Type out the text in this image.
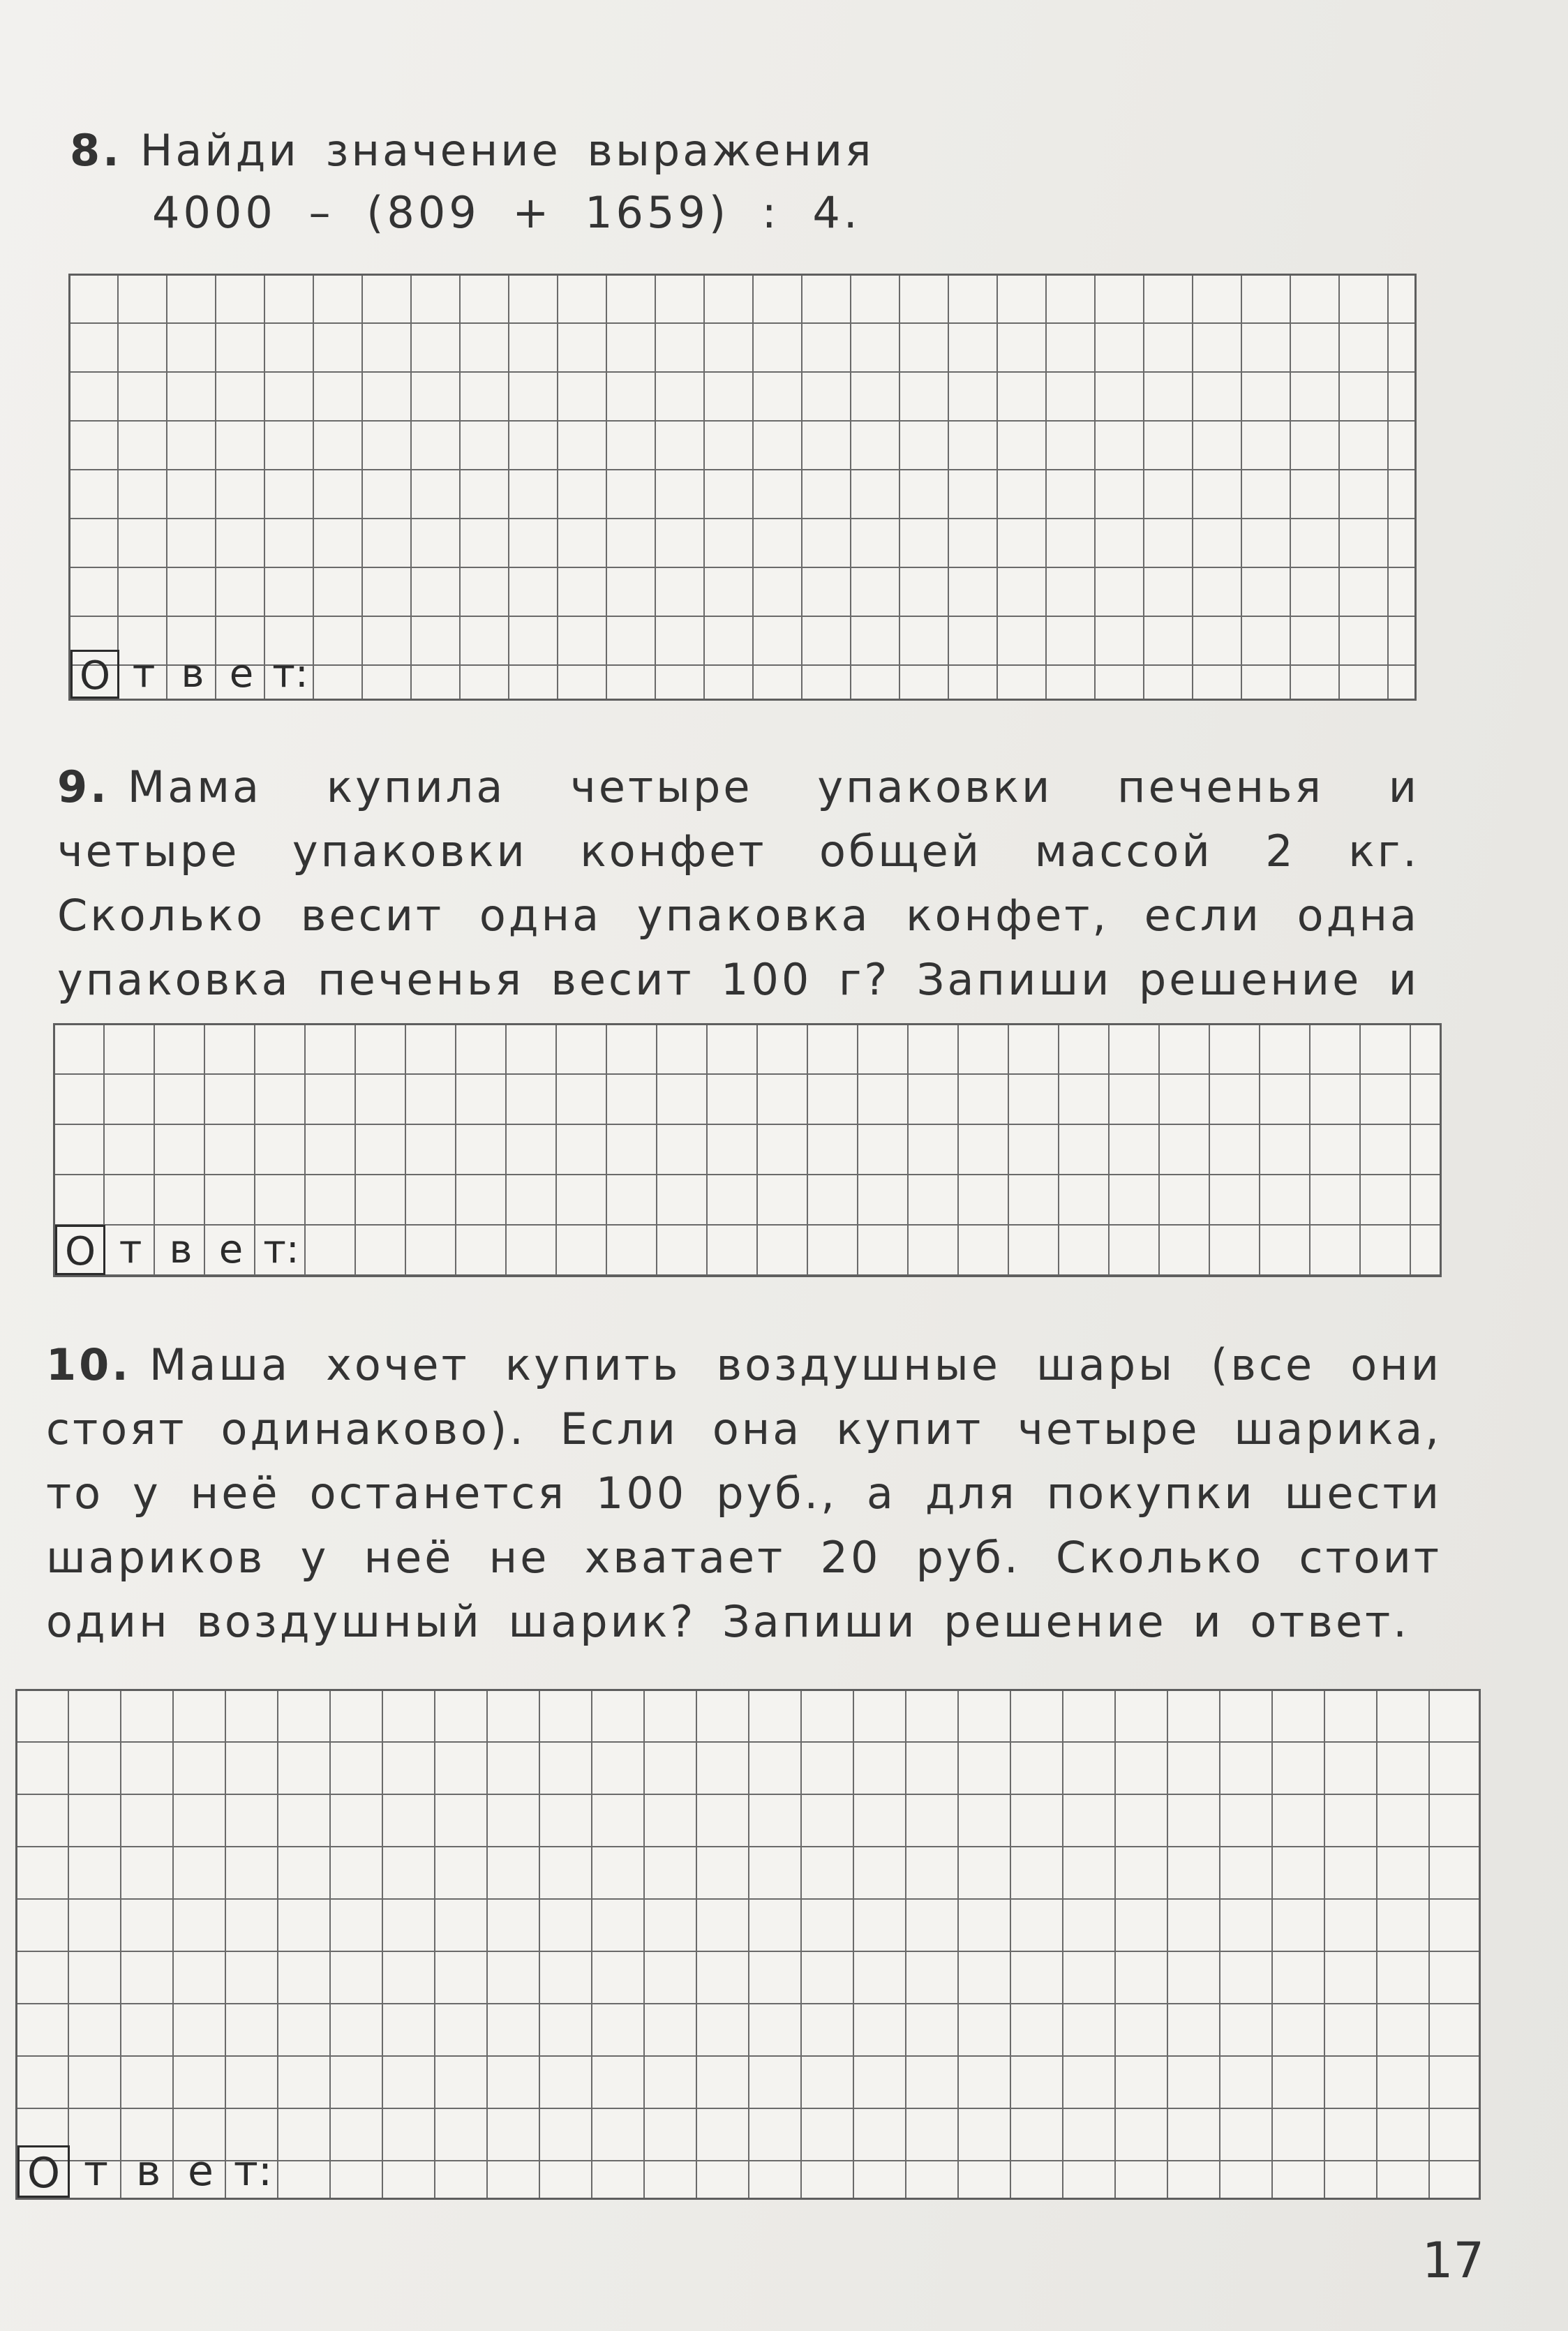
8. Найди значение выражения
4000 – (809 + 1659) : 4.
О т в е т:
9. Мама купила четыре упаковки печенья и четыре упаковки конфет общей массой 2 кг. Сколько весит одна упаковка конфет, если одна упаковка печенья весит 100 г? Запиши решение и
О т в е т:
10. Маша хочет купить воздушные шары (все они стоят одинаково). Если она купит четыре шарика, то у неё останется 100 руб., а для покупки шести шариков у неё не хватает 20 руб. Сколько стоит один воздушный шарик? Запиши решение и ответ.
О т в е т:
17
